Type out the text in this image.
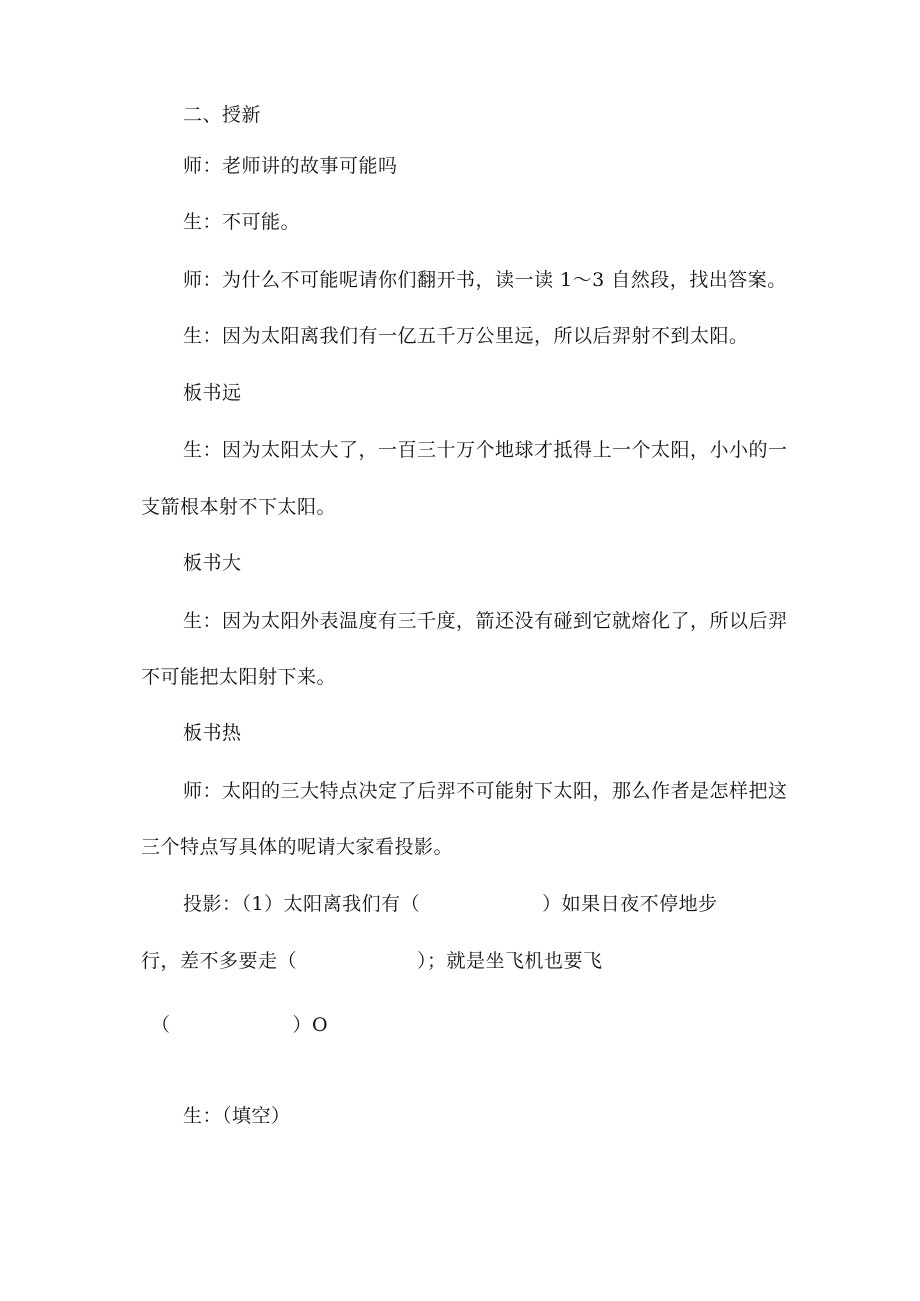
二、授新
师：老师讲的故事可能吗
生：不可能。
师：为什么不可能呢请你们翻开书，读一读 1～3 自然段，找出答案。
生：因为太阳离我们有一亿五千万公里远，所以后羿射不到太阳。
板书远
生：因为太阳太大了，一百三十万个地球才抵得上一个太阳，小小的一
支箭根本射不下太阳。
板书大
生：因为太阳外表温度有三千度，箭还没有碰到它就熔化了，所以后羿
不可能把太阳射下来。
板书热
师：太阳的三大特点决定了后羿不可能射下太阳，那么作者是怎样把这
三个特点写具体的呢请大家看投影。
投影：（1）太阳离我们有（	）如果日夜不停地步
行，差不多要走（	）；就是坐飞机也要飞
（	）O
生：（填空）
